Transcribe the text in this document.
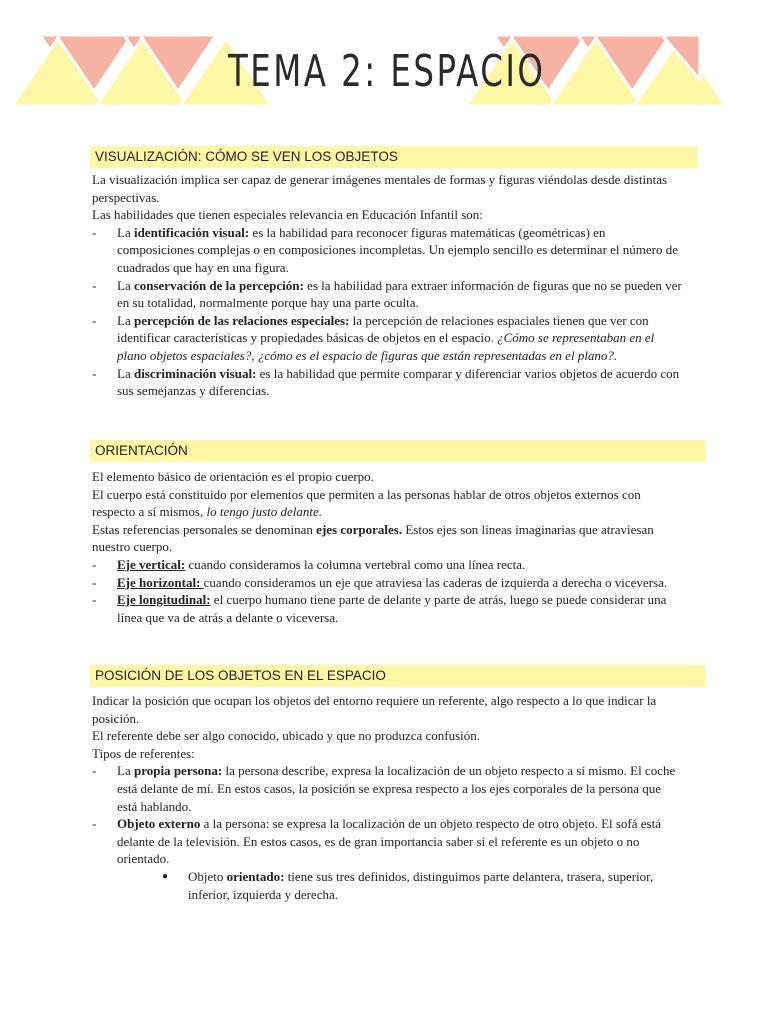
TEMA 2: ESPACIO
VISUALIZACIÓN: CÓMO SE VEN LOS OBJETOS

La visualización implica ser capaz de generar imágenes mentales de formas y figuras viéndolas desde distintas perspectivas.

Las habilidades que tienen especiales relevancia en Educación Infantil son:

-	La identificación visual: es la habilidad para reconocer figuras matemáticas (geométricas) en composiciones complejas o en composiciones incompletas. Un ejemplo sencillo es determinar el número de cuadrados que hay en una figura.
-	La conservación de la percepción: es la habilidad para extraer información de figuras que no se pueden ver en su totalidad, normalmente porque hay una parte oculta.
-	La percepción de las relaciones especiales: la percepción de relaciones espaciales tienen que ver con identificar características y propiedades básicas de objetos en el espacio. ¿Cómo se representaban en el plano objetos espaciales?, ¿cómo es el espacio de figuras que están representadas en el plano?.
-	La discriminación visual: es la habilidad que permite comparar y diferenciar varios objetos de acuerdo con sus semejanzas y diferencias.
ORIENTACIÓN

El elemento básico de orientación es el propio cuerpo.

El cuerpo está constituido por elementos que permiten a las personas hablar de otros objetos externos con respecto a sí mismos, lo tengo justo delante.

Estas referencias personales se denominan ejes corporales. Estos ejes son líneas imaginarias que atraviesan nuestro cuerpo.

-	Eje vertical: cuando consideramos la columna vertebral como una línea recta.
-	Eje horizontal: cuando consideramos un eje que atraviesa las caderas de izquierda a derecha o viceversa.
-	Eje longitudinal: el cuerpo humano tiene parte de delante y parte de atrás, luego se puede considerar una línea que va de atrás a delante o viceversa.
POSICIÓN DE LOS OBJETOS EN EL ESPACIO

Indicar la posición que ocupan los objetos del entorno requiere un referente, algo respecto a lo que indicar la posición.

El referente debe ser algo conocido, ubicado y que no produzca confusión.

Tipos de referentes:

-	La propia persona: la persona describe, expresa la localización de un objeto respecto a sí mismo. El coche está delante de mí. En estos casos, la posición se expresa respecto a los ejes corporales de la persona que está hablando.
-	Objeto externo a la persona: se expresa la localización de un objeto respecto de otro objeto. El sofá está delante de la televisión. En estos casos, es de gran importancia saber si el referente es un objeto o no orientado.
●	Objeto orientado: tiene sus tres definidos, distinguimos parte delantera, trasera, superior, inferior, izquierda y derecha.
